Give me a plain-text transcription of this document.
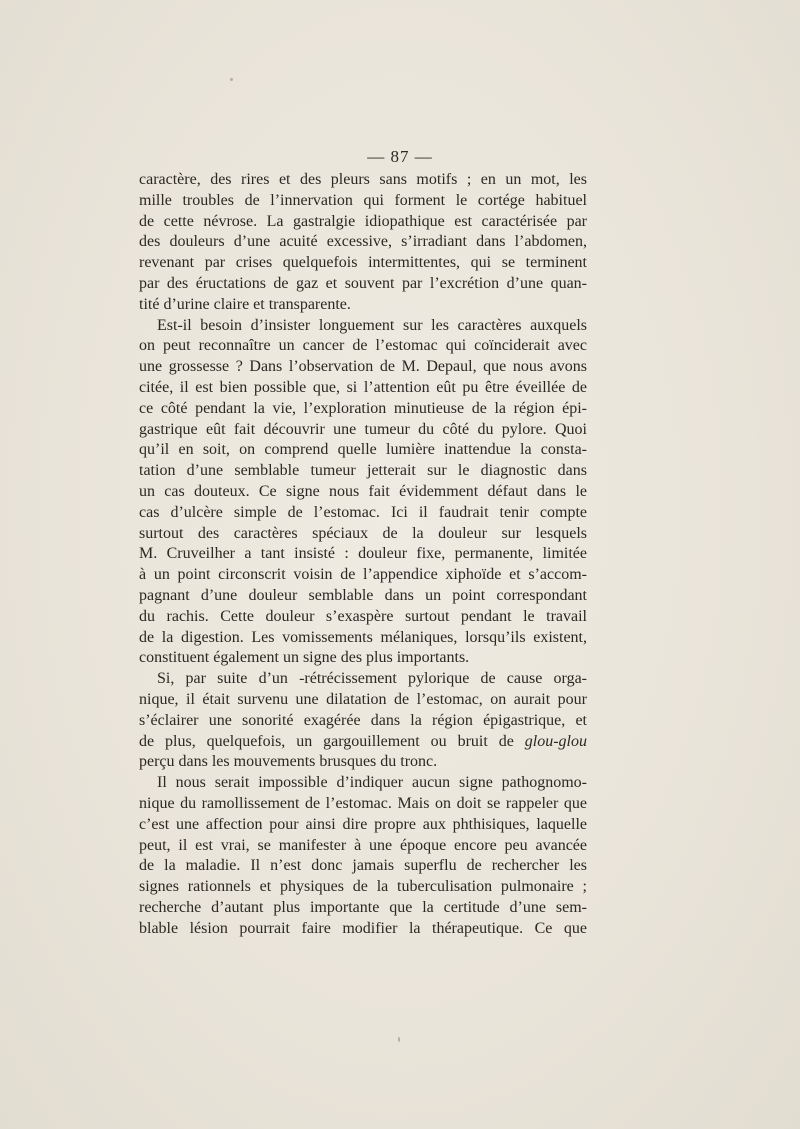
— 87 —
caractère, des rires et des pleurs sans motifs ; en un mot, les
mille troubles de l’innervation qui forment le cortége habituel
de cette névrose. La gastralgie idiopathique est caractérisée par
des douleurs d’une acuité excessive, s’irradiant dans l’abdomen,
revenant par crises quelquefois intermittentes, qui se terminent
par des éructations de gaz et souvent par l’excrétion d’une quan-
tité d’urine claire et transparente.
Est-il besoin d’insister longuement sur les caractères auxquels
on peut reconnaître un cancer de l’estomac qui coïnciderait avec
une grossesse ? Dans l’observation de M. Depaul, que nous avons
citée, il est bien possible que, si l’attention eût pu être éveillée de
ce côté pendant la vie, l’exploration minutieuse de la région épi-
gastrique eût fait découvrir une tumeur du côté du pylore. Quoi
qu’il en soit, on comprend quelle lumière inattendue la consta-
tation d’une semblable tumeur jetterait sur le diagnostic dans
un cas douteux. Ce signe nous fait évidemment défaut dans le
cas d’ulcère simple de l’estomac. Ici il faudrait tenir compte
surtout des caractères spéciaux de la douleur sur lesquels
M. Cruveilher a tant insisté : douleur fixe, permanente, limitée
à un point circonscrit voisin de l’appendice xiphoïde et s’accom-
pagnant d’une douleur semblable dans un point correspondant
du rachis. Cette douleur s’exaspère surtout pendant le travail
de la digestion. Les vomissements mélaniques, lorsqu’ils existent,
constituent également un signe des plus importants.
Si, par suite d’un -rétrécissement pylorique de cause orga-
nique, il était survenu une dilatation de l’estomac, on aurait pour
s’éclairer une sonorité exagérée dans la région épigastrique, et
de plus, quelquefois, un gargouillement ou bruit de glou-glou
perçu dans les mouvements brusques du tronc.
Il nous serait impossible d’indiquer aucun signe pathognomo-
nique du ramollissement de l’estomac. Mais on doit se rappeler que
c’est une affection pour ainsi dire propre aux phthisiques, laquelle
peut, il est vrai, se manifester à une époque encore peu avancée
de la maladie. Il n’est donc jamais superflu de rechercher les
signes rationnels et physiques de la tuberculisation pulmonaire ;
recherche d’autant plus importante que la certitude d’une sem-
blable lésion pourrait faire modifier la thérapeutique. Ce que
